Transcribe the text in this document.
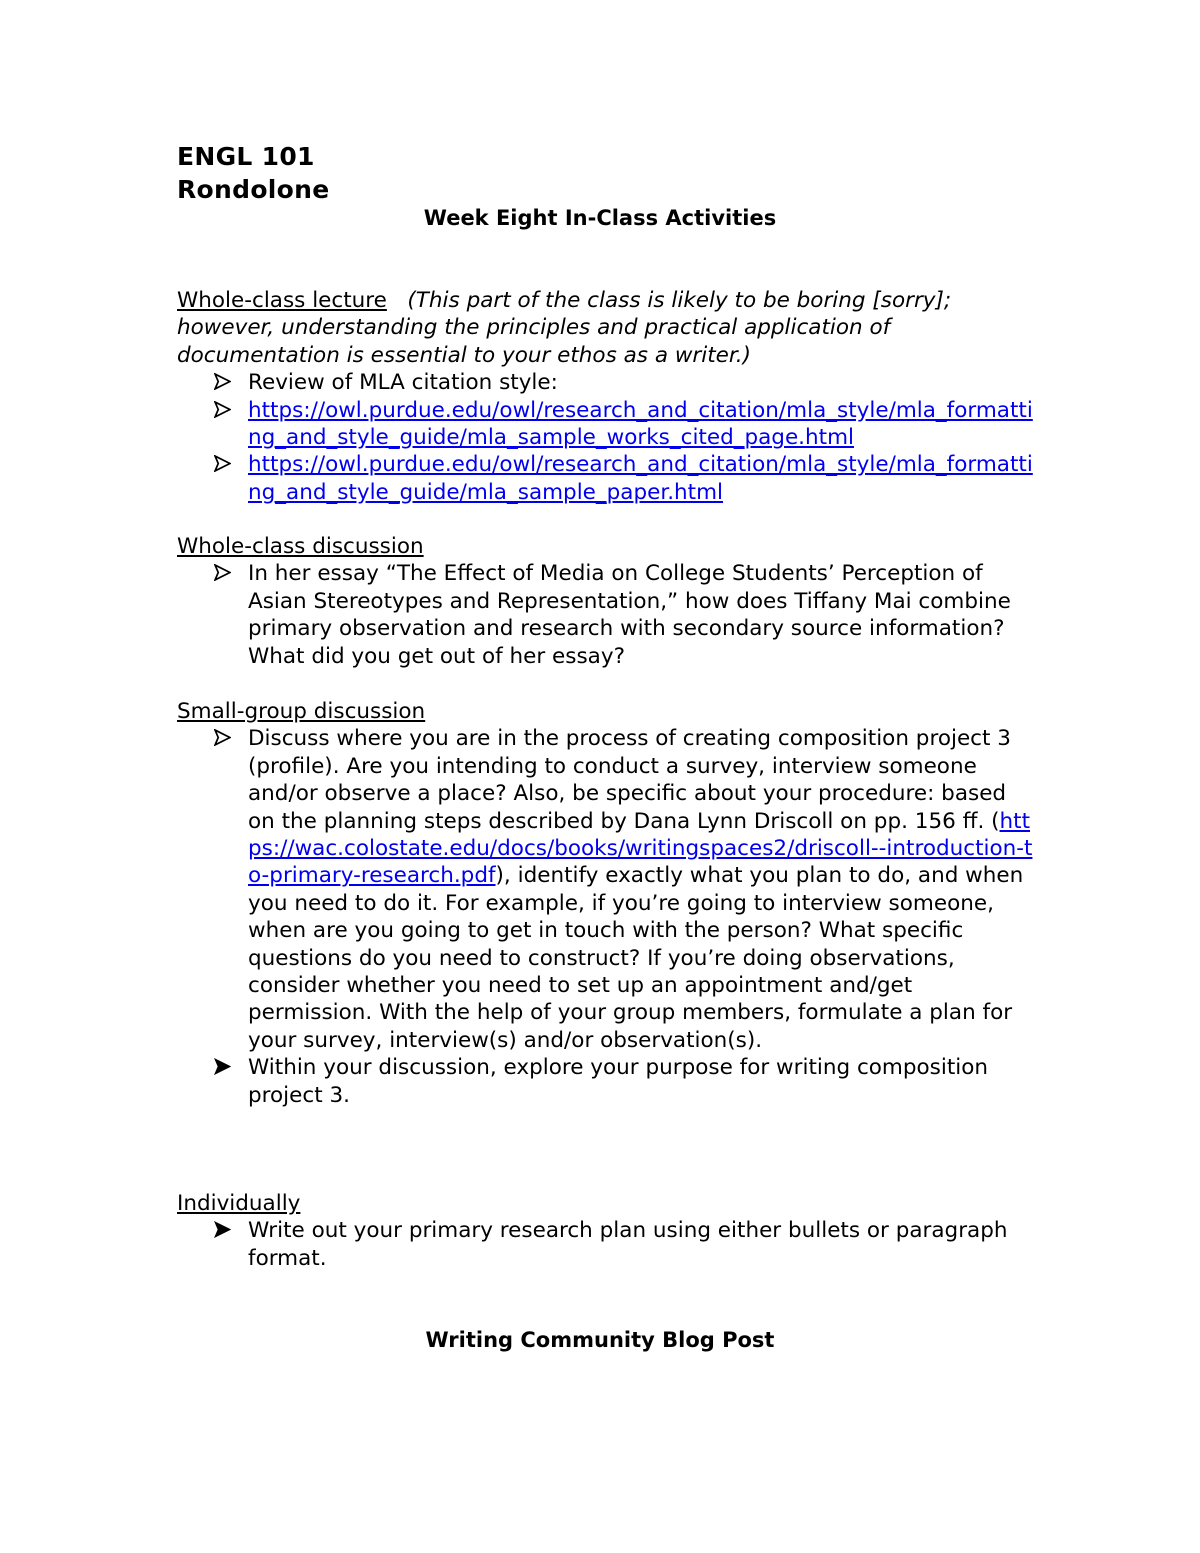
ENGL 101
Rondolone
Week Eight In-Class Activities
Whole-class lecture (This part of the class is likely to be boring [sorry]; however, understanding the principles and practical application of documentation is essential to your ethos as a writer.)
Review of MLA citation style:
https://owl.purdue.edu/owl/research_and_citation/mla_style/mla_formatting_and_style_guide/mla_sample_works_cited_page.html
https://owl.purdue.edu/owl/research_and_citation/mla_style/mla_formatting_and_style_guide/mla_sample_paper.html
Whole-class discussion
In her essay “The Effect of Media on College Students’ Perception of Asian Stereotypes and Representation,” how does Tiffany Mai combine primary observation and research with secondary source information? What did you get out of her essay?
Small-group discussion
Discuss where you are in the process of creating composition project 3 (profile). Are you intending to conduct a survey, interview someone and/or observe a place? Also, be specific about your procedure: based on the planning steps described by Dana Lynn Driscoll on pp. 156 ff. (https://wac.colostate.edu/docs/books/writingspaces2/driscoll--introduction-to-primary-research.pdf), identify exactly what you plan to do, and when you need to do it. For example, if you’re going to interview someone, when are you going to get in touch with the person? What specific questions do you need to construct? If you’re doing observations, consider whether you need to set up an appointment and/get permission. With the help of your group members, formulate a plan for your survey, interview(s) and/or observation(s).
Within your discussion, explore your purpose for writing composition project 3.
Individually
Write out your primary research plan using either bullets or paragraph format.
Writing Community Blog Post
